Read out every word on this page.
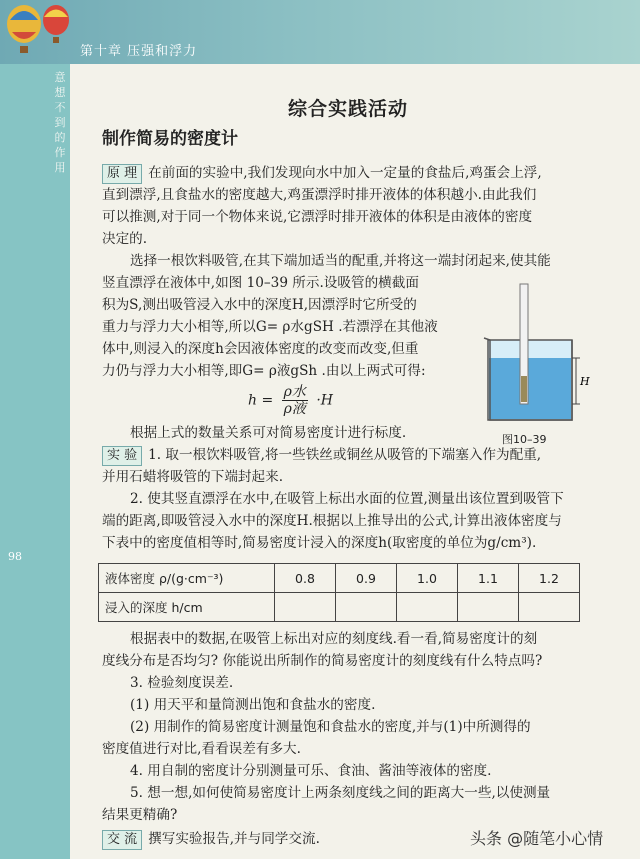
第十章 压强和浮力
意想不到的作用
98
综合实践活动
制作简易的密度计
原 理 在前面的实验中,我们发现向水中加入一定量的食盐后,鸡蛋会上浮,
直到漂浮,且食盐水的密度越大,鸡蛋漂浮时排开液体的体积越小.由此我们
可以推测,对于同一个物体来说,它漂浮时排开液体的体积是由液体的密度
决定的.
选择一根饮料吸管,在其下端加适当的配重,并将这一端封闭起来,使其能
竖直漂浮在液体中,如图 10–39 所示.设吸管的横截面
积为S,测出吸管浸入水中的深度H,因漂浮时它所受的
重力与浮力大小相等,所以G= ρ水gSH .若漂浮在其他液
体中,则浸入的深度h会因液体密度的改变而改变,但重
力仍与浮力大小相等,即G= ρ液gSh .由以上两式可得:
$h = \frac{\text{ρ水}}{\text{ρ液}} \cdot H$
根据上式的数量关系可对简易密度计进行标度.
实 验 1. 取一根饮料吸管,将一些铁丝或铜丝从吸管的下端塞入作为配重,
并用石蜡将吸管的下端封起来.
2. 使其竖直漂浮在水中,在吸管上标出水面的位置,测量出该位置到吸管下
端的距离,即吸管浸入水中的深度H.根据以上推导出的公式,计算出液体密度与
下表中的密度值相等时,简易密度计浸入的深度h(取密度的单位为g/cm³).
H
图10–39
液体密度 ρ/(g·cm⁻³)	0.8	0.9	1.0	1.1	1.2
浸入的深度 h/cm					
根据表中的数据,在吸管上标出对应的刻度线.看一看,简易密度计的刻
度线分布是否均匀? 你能说出所制作的简易密度计的刻度线有什么特点吗?
3. 检验刻度误差.
(1) 用天平和量筒测出饱和食盐水的密度.
(2) 用制作的简易密度计测量饱和食盐水的密度,并与(1)中所测得的
密度值进行对比,看看误差有多大.
4. 用自制的密度计分别测量可乐、食油、酱油等液体的密度.
5. 想一想,如何使简易密度计上两条刻度线之间的距离大一些,以使测量
结果更精确?
交 流 撰写实验报告,并与同学交流.	头条 @随笔小心情
